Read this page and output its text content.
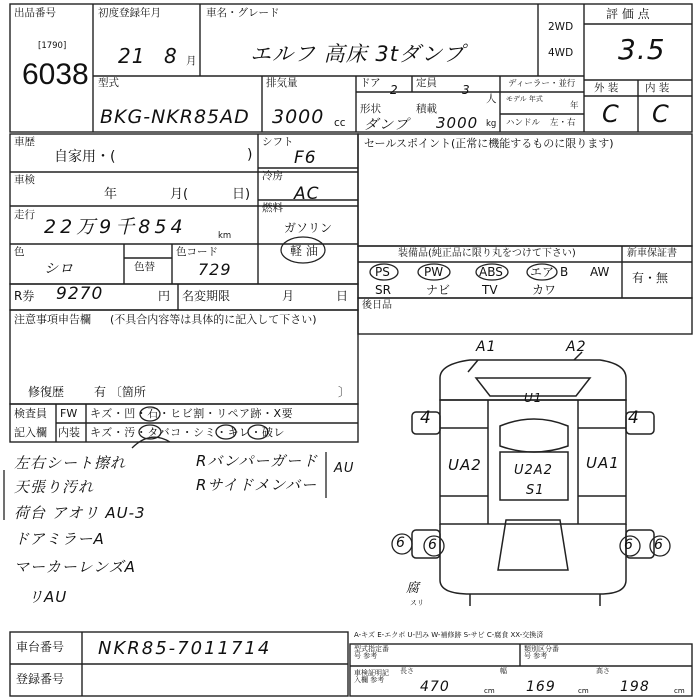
出品番号
[1790]
6038
初度登録年月
21 8 月
車名・グレード
エルフ 高床 3tダンプ
2WD
4WD
評 価 点
3.5
外 装	内 装
C C
型式
BKG-NKR85AD
排気量
3000 cc
ドア 2 定員 3
人
形状
ダンプ
積載
3000 kg
ディーラー・並行
モデル 年式
年
ハンドル 左・右
車歴
自家用・(	)
車検
年	月(	日)
走行
22万9千854	km
色
シロ	色替
色コード
729
シフト
F6
冷房
AC
燃料
ガソリン
軽 油
R券 9270	円 名変期限	月	日
注意事項申告欄 (不具合内容等は具体的に記入して下さい)
修復歴 有 〔箇所	〕
検査員
記入欄
FW キズ・凹・石・ヒビ割・リペア跡・X要
内装 キズ・汚・タバコ・シミ・キレ・破レ
左右シート擦れ
天張り汚れ
荷台 アオリ AU-3
ドアミラーA
マーカーレンズA
リAU
Rバンパーガード
Rサイドメンバー
AU
セールスポイント(正常に機能するものに限ります)
装備品(純正品に限り丸をつけて下さい)	新車保証書
有・無
PS	PW	ABS エア B AW
SR	ナビ	TV	カワ
後日品
A1	A2
U1
UA2	UA1
U2A2
S1
4	4
6 6	6 6
腐
スリ
車台番号 NKR85-7011714
登録番号
A-キズ E-エクボ U-凹み W-補修跡 S-サビ C-腐食 XX-交換済
型式指定番号 参考
類別区分番号 参考
車検証明記入欄 参考
長さ
470	cm
幅
169	cm
高さ
198	cm
